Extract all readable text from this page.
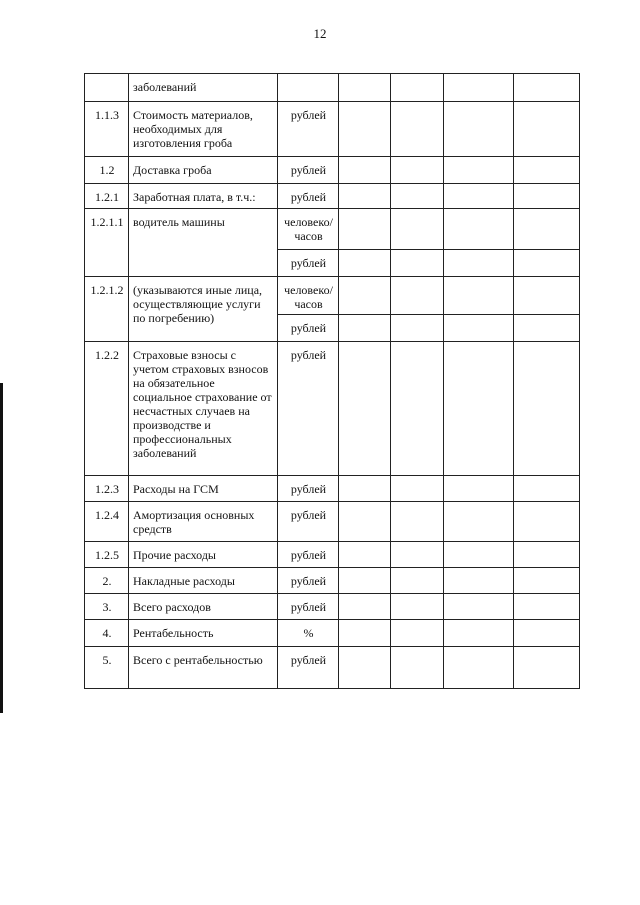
12
	заболеваний						
1.1.3	Стоимость материалов, необходимых для изготовления гроба	рублей					
1.2	Доставка гроба	рублей					
1.2.1	Заработная плата, в т.ч.:	рублей					
1.2.1.1	водитель машины	человеко/ часов					
		рублей					
1.2.1.2	(указываются иные лица, осуществляющие услуги по погребению)	человеко/ часов					
		рублей					
1.2.2	Страховые взносы с учетом страховых взносов на обязательное социальное страхование от несчастных случаев на производстве и профессиональных заболеваний	рублей					
1.2.3	Расходы на ГСМ	рублей					
1.2.4	Амортизация основных средств	рублей					
1.2.5	Прочие расходы	рублей					
2.	Накладные расходы	рублей					
3.	Всего расходов	рублей					
4.	Рентабельность	%					
5.	Всего с рентабельностью	рублей					
